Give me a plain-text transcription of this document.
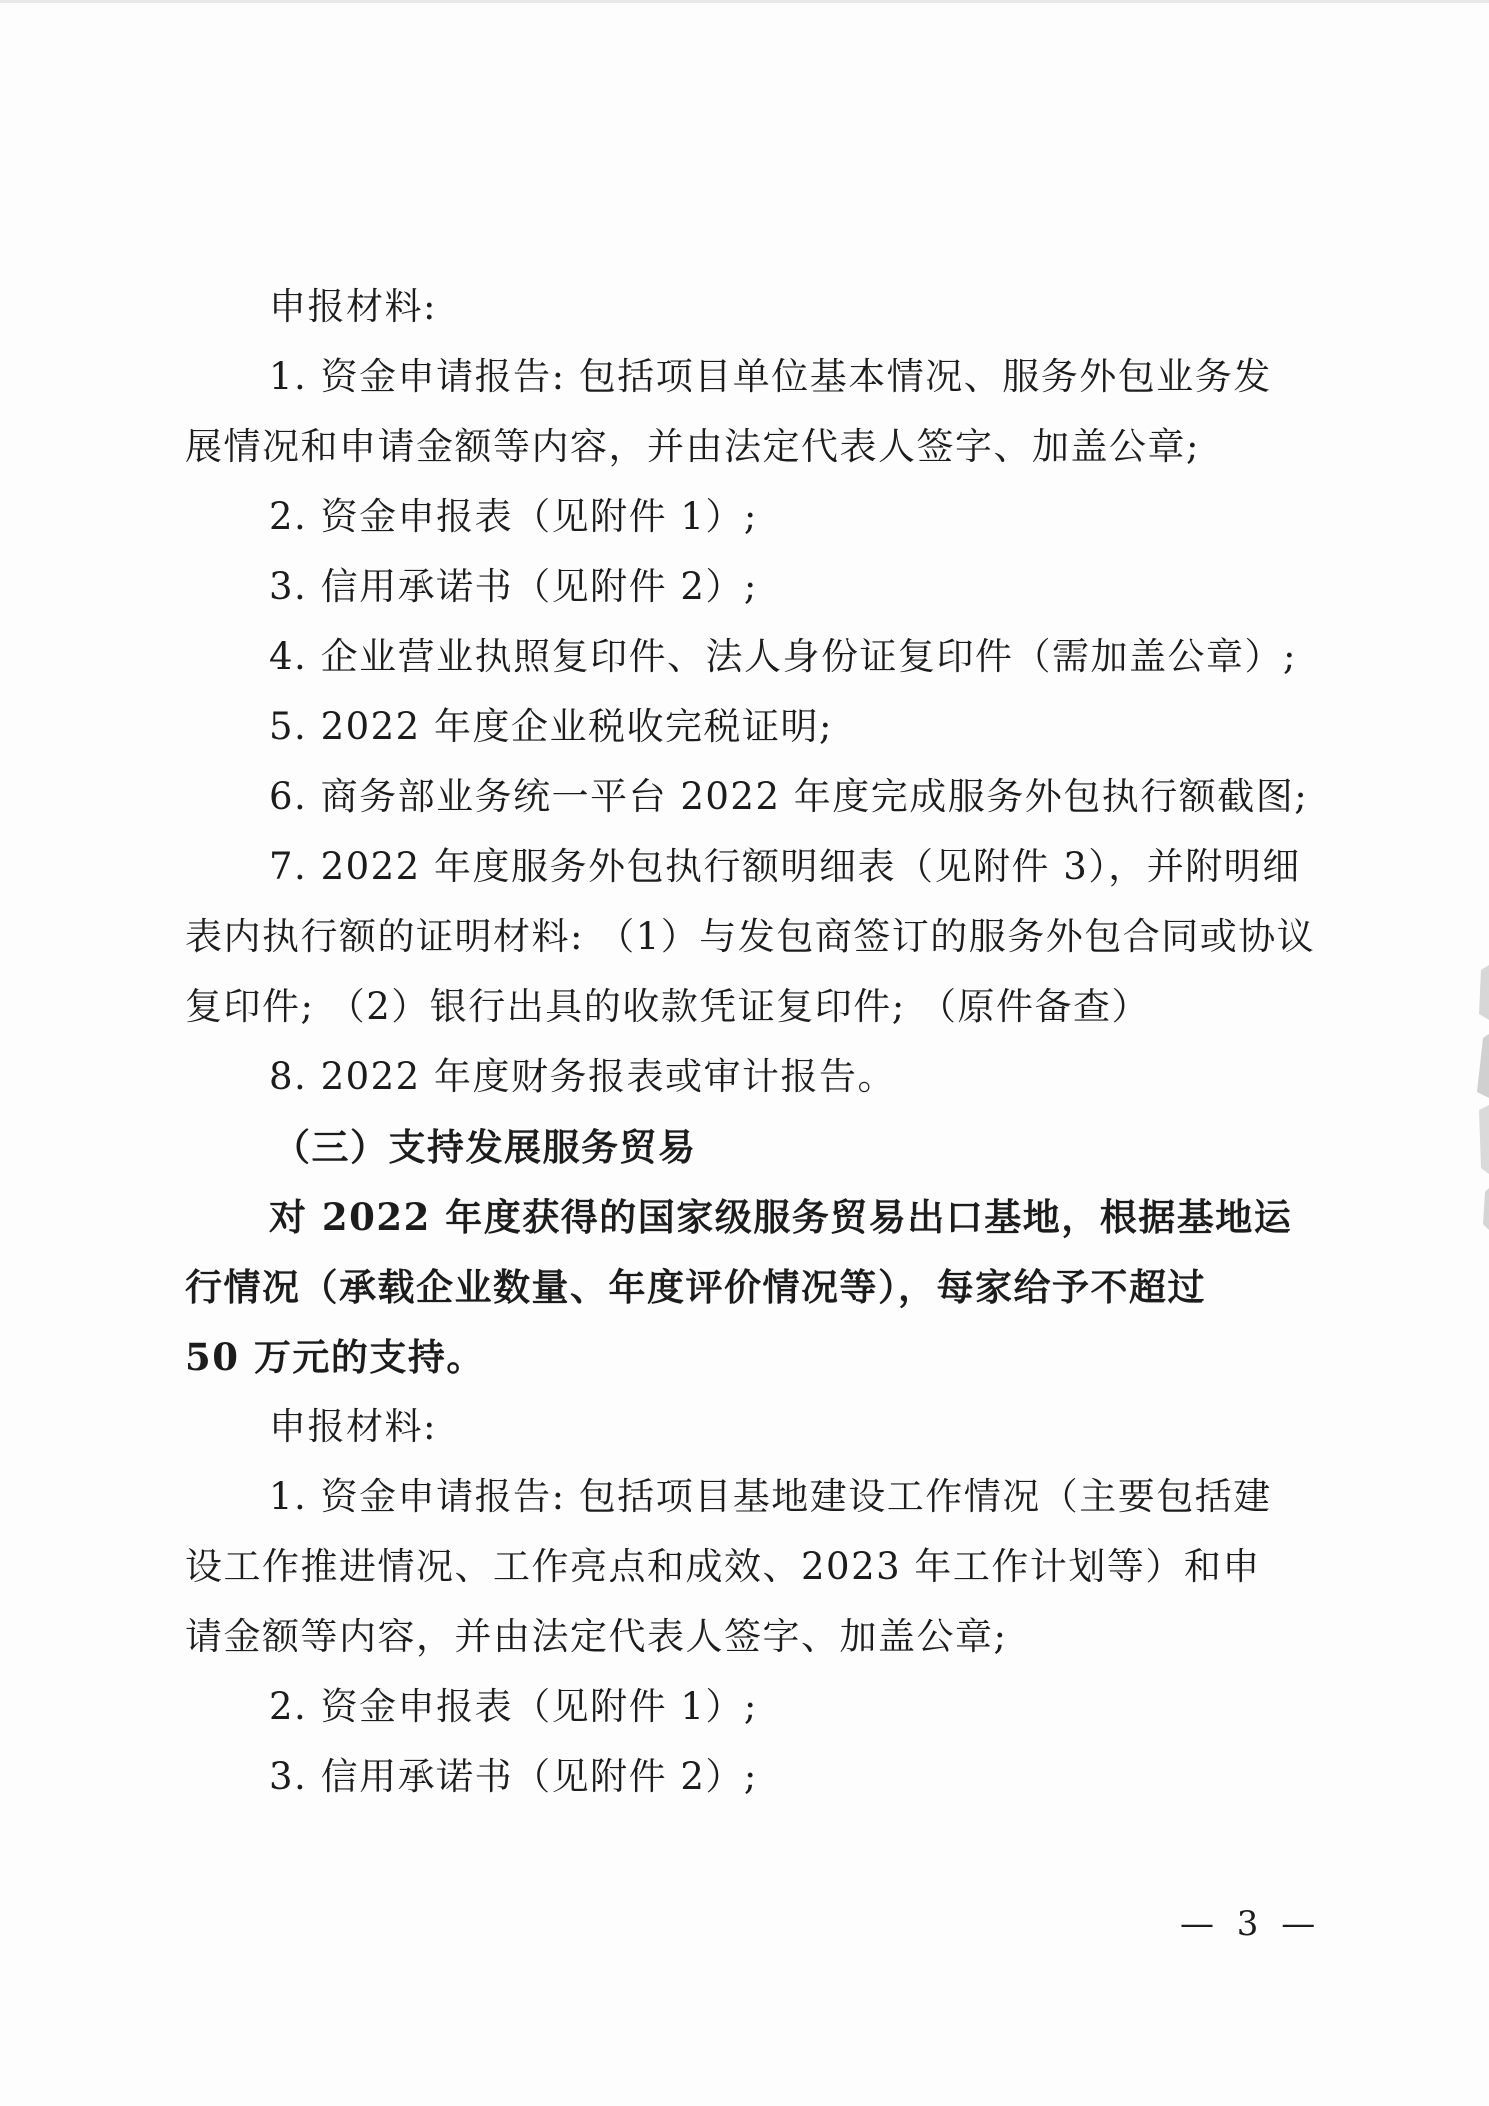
申报材料:
1. 资金申请报告: 包括项目单位基本情况、服务外包业务发
展情况和申请金额等内容，并由法定代表人签字、加盖公章;
2. 资金申报表（见附件 1）;
3. 信用承诺书（见附件 2）;
4. 企业营业执照复印件、法人身份证复印件（需加盖公章）;
5. 2022 年度企业税收完税证明;
6. 商务部业务统一平台 2022 年度完成服务外包执行额截图;
7. 2022 年度服务外包执行额明细表（见附件 3），并附明细
表内执行额的证明材料: （1）与发包商签订的服务外包合同或协议
复印件; （2）银行出具的收款凭证复印件; （原件备查）
8. 2022 年度财务报表或审计报告。
（三）支持发展服务贸易
对 2022 年度获得的国家级服务贸易出口基地，根据基地运
行情况（承载企业数量、年度评价情况等），每家给予不超过
50 万元的支持。
申报材料:
1. 资金申请报告: 包括项目基地建设工作情况（主要包括建
设工作推进情况、工作亮点和成效、2023 年工作计划等）和申
请金额等内容，并由法定代表人签字、加盖公章;
2. 资金申报表（见附件 1）;
3. 信用承诺书（见附件 2）;
— 3 —
